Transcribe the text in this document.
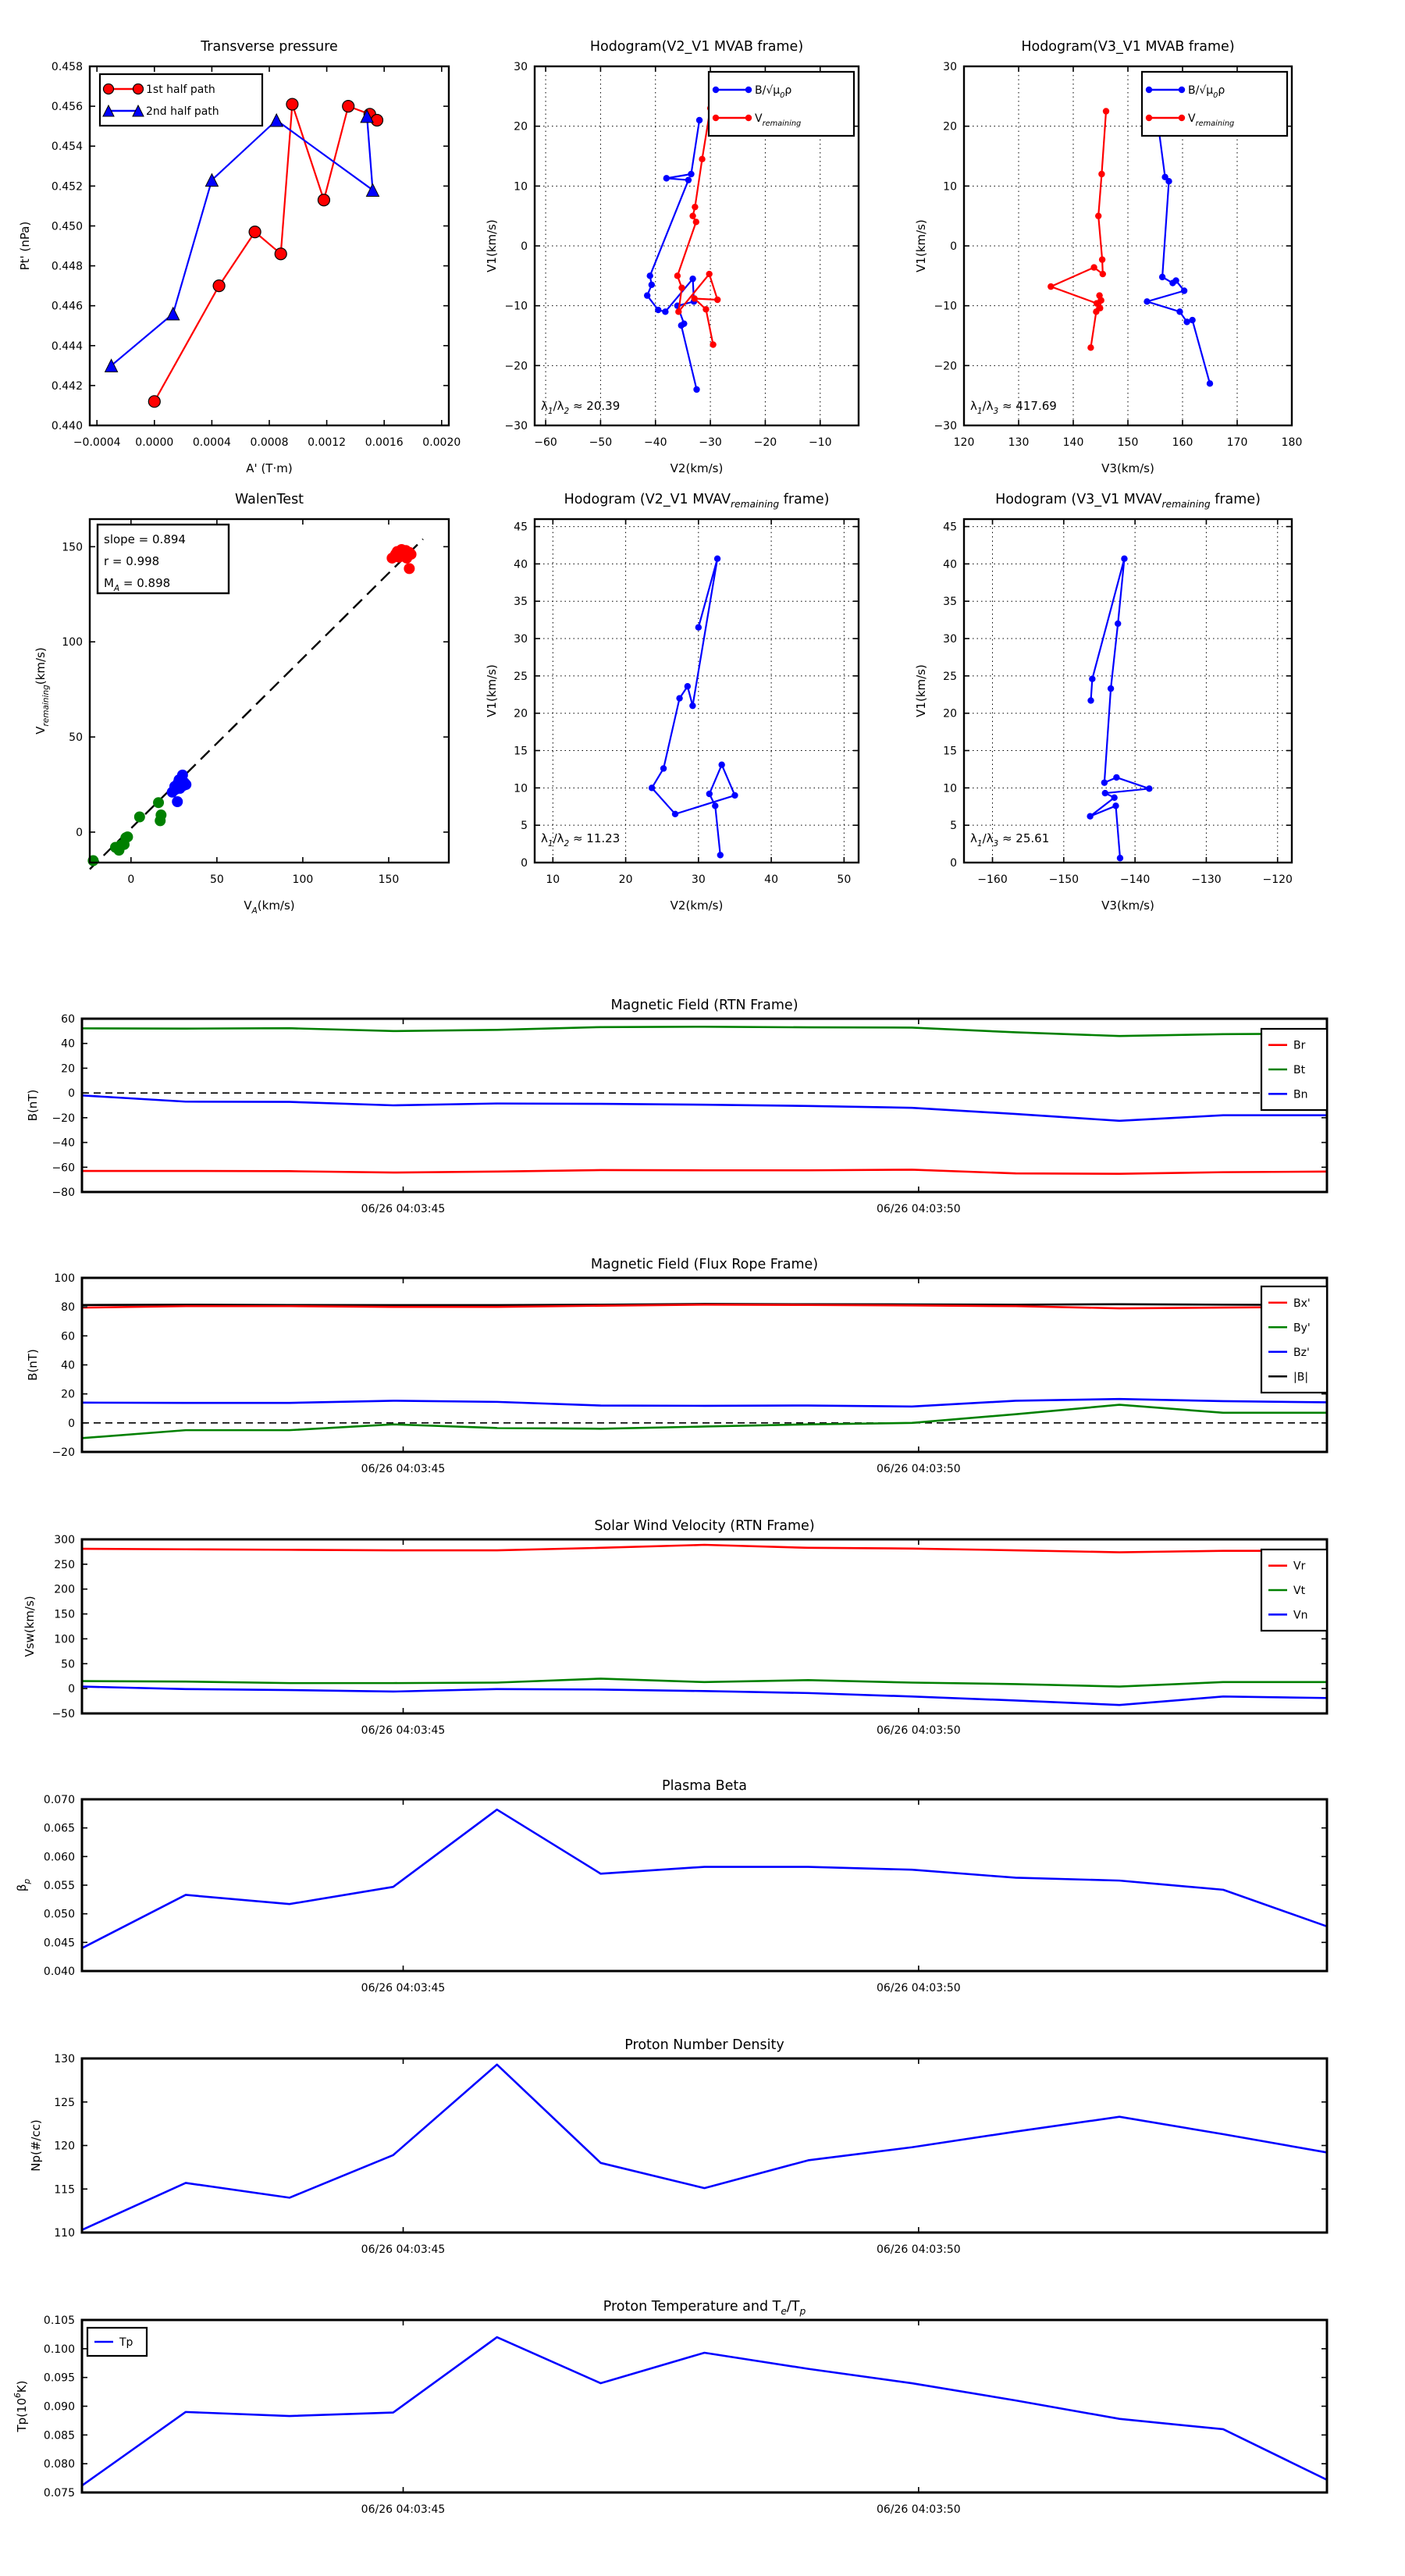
−0.0004 0.0000 0.0004 0.0008 0.0012 0.0016 0.0020
0.440
0.442
0.444
0.446
0.448
0.450
0.452
0.454
0.456
0.458
Transverse pressure
A' (T·m)
Pt' (nPa)
1st half path
2nd half path
−60	−50	−40	−30	−20	−10
−30
−20
−10
0
10
20
30
Hodogram(V2_V1 MVAB frame)
V2(km/s)
V1(km/s)
$\lambda_1/\lambda_2 \approx 20.39$
$B/√\mu_0\rho$
$V_{remaining}$
120	130	140	150	160	170	180
−30
−20
−10
0
10
20
30
Hodogram(V3_V1 MVAB frame)
V3(km/s)
V1(km/s)
$\lambda_1/\lambda_3 \approx 417.69$
$B/√\mu_0\rho$
$V_{remaining}$
0	50	100	150
0
50
100
150
WalenTest
$V_A(km/s)$
$V_{remaining}(km/s)$
slope = 0.894
r = 0.998
$M_A = 0.898$
10	20	30	40	50
0
5
10
15
20
25
30
35
40
45
Hodogram (V2_V1 $MVAV_{remaining}$ frame)
V2(km/s)
V1(km/s)
$\lambda_1/\lambda_2 \approx 11.23$
−160	−150	−140	−130	−120
0
5
10
15
20
25
30
35
40
45
Hodogram (V3_V1 $MVAV_{remaining}$ frame)
V3(km/s)
V1(km/s)
$\lambda_1/\lambda_3 \approx 25.61$
06/26 04:03:45	06/26 04:03:50
−80
−60
−40
−20
0
20
40
60
Magnetic Field (RTN Frame)
B(nT)
Br
Bt
Bn
06/26 04:03:45	06/26 04:03:50
−20
0
20
40
60
80
100
Magnetic Field (Flux Rope Frame)
B(nT)
Bx'
By'
Bz'
|B|
06/26 04:03:45	06/26 04:03:50
−50
0
50
100
150
200
250
300
Solar Wind Velocity (RTN Frame)
Vsw(km/s)
Vr
Vt
Vn
06/26 04:03:45	06/26 04:03:50
0.040
0.045
0.050
0.055
0.060
0.065
0.070
Plasma Beta
$\beta_p$
06/26 04:03:45	06/26 04:03:50
110
115
120
125
130
Proton Number Density
Np(#/cc)
06/26 04:03:45	06/26 04:03:50
0.075
0.080
0.085
0.090
0.095
0.100
0.105
Proton Temperature and $T_e/T_p$
$Tp(10^6K)$
Tp
